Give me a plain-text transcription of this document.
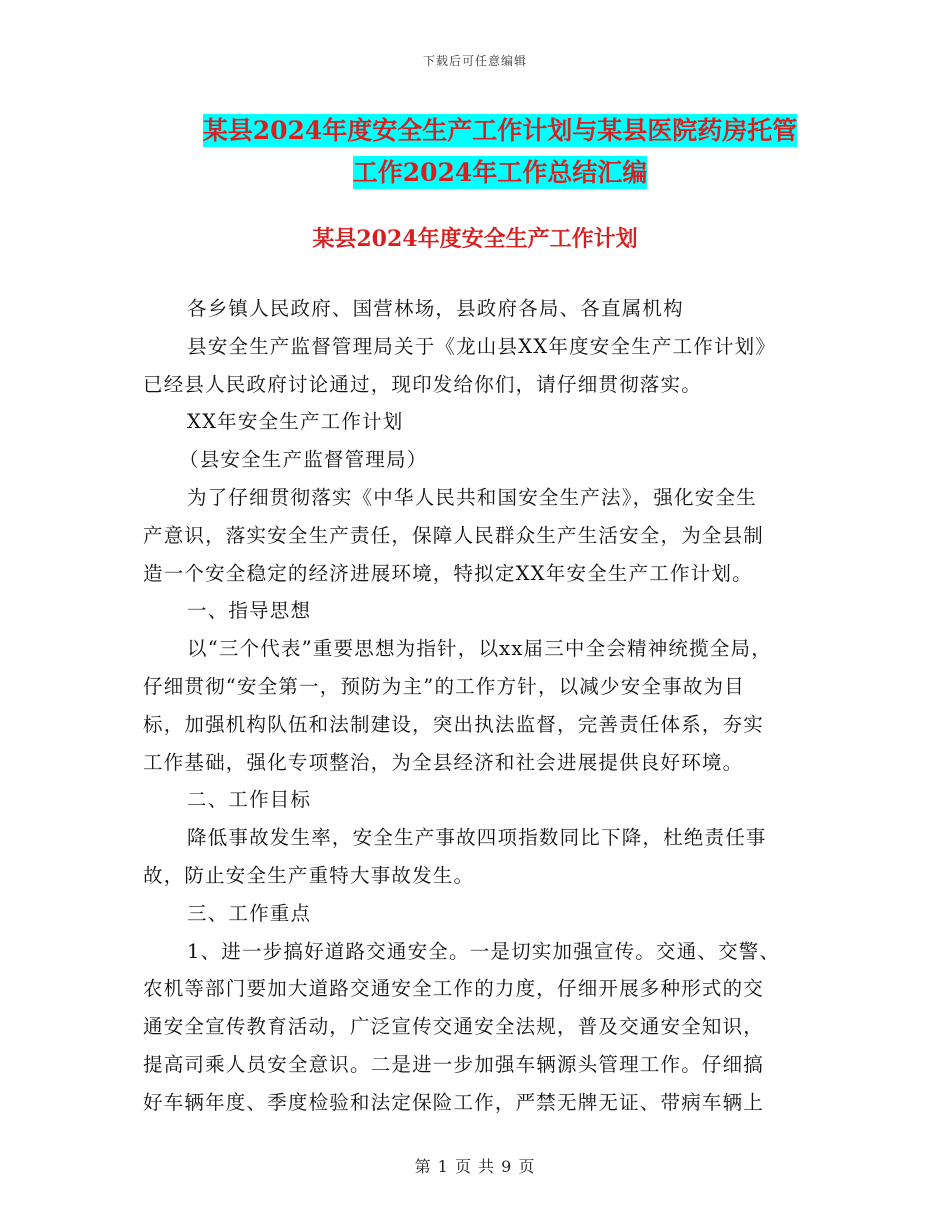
下载后可任意编辑
某县2024年度安全生产工作计划与某县医院药房托管
工作2024年工作总结汇编
某县2024年度安全生产工作计划
各乡镇人民政府、国营林场，县政府各局、各直属机构
县安全生产监督管理局关于《龙山县XX年度安全生产工作计划》
已经县人民政府讨论通过，现印发给你们，请仔细贯彻落实。
XX年安全生产工作计划
（县安全生产监督管理局）
为了仔细贯彻落实《中华人民共和国安全生产法》，强化安全生
产意识，落实安全生产责任，保障人民群众生产生活安全，为全县制
造一个安全稳定的经济进展环境，特拟定XX年安全生产工作计划。
一、指导思想
以“三个代表”重要思想为指针，以xx届三中全会精神统揽全局，
仔细贯彻“安全第一，预防为主”的工作方针，以减少安全事故为目
标，加强机构队伍和法制建设，突出执法监督，完善责任体系，夯实
工作基础，强化专项整治，为全县经济和社会进展提供良好环境。
二、工作目标
降低事故发生率，安全生产事故四项指数同比下降，杜绝责任事
故，防止安全生产重特大事故发生。
三、工作重点
1、进一步搞好道路交通安全。一是切实加强宣传。交通、交警、
农机等部门要加大道路交通安全工作的力度，仔细开展多种形式的交
通安全宣传教育活动，广泛宣传交通安全法规，普及交通安全知识，
提高司乘人员安全意识。二是进一步加强车辆源头管理工作。仔细搞
好车辆年度、季度检验和法定保险工作，严禁无牌无证、带病车辆上
第 1 页 共 9 页
